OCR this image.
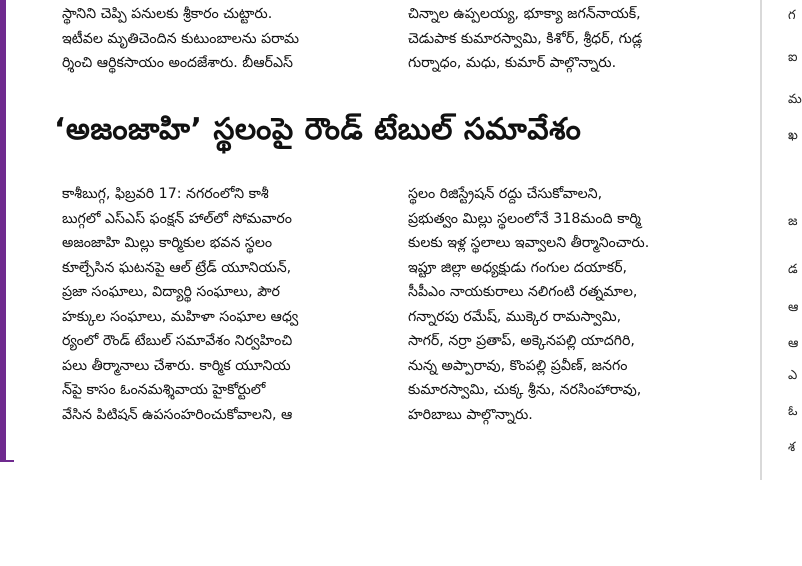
స్థానిని చెప్పి పనులకు శ్రీకారం చుట్టారు.

ఇటీవల మృతిచెందిన కుటుంబాలను పరామ

ర్శించి ఆర్థికసాయం అందజేశారు. బీఆర్‌ఎస్

చిన్నాల ఉప్పలయ్య, భూక్యా జగన్‌నాయక్,

చెడుపాక కుమారస్వామి, కిశోర్, శ్రీధర్, గుడ్ల

గుర్నాధం, మధు, కుమార్ పాల్గొన్నారు.

‘అజంజాహి’ స్థలంపై రౌండ్ టేబుల్ సమావేశం

కాశీబుగ్గ, ఫిబ్రవరి 17: నగరంలోని కాశీ

బుగ్గలో ఎస్‌ఎస్ ఫంక్షన్ హాల్‌లో సోమవారం

అజంజాహి మిల్లు కార్మికుల భవన స్థలం

కూల్చేసిన ఘటనపై ఆల్ ట్రేడ్ యూనియన్,

ప్రజా సంఘాలు, విద్యార్థి సంఘాలు, పౌర

హక్కుల సంఘాలు, మహిళా సంఘాల ఆధ్వ

ర్యంలో రౌండ్ టేబుల్ సమావేశం నిర్వహించి

పలు తీర్మానాలు చేశారు. కార్మిక యూనియ

న్‌పై కాసం ఓంనమశ్శివాయ హైకోర్టులో

వేసిన పిటిషన్ ఉపసంహరించుకోవాలని, ఆ

స్థలం రిజిస్ట్రేషన్ రద్దు చేసుకోవాలని,

ప్రభుత్వం మిల్లు స్థలంలోనే 318మంది కార్మి

కులకు ఇళ్ల స్థలాలు ఇవ్వాలని తీర్మానించారు.

ఇప్టూ జిల్లా అధ్యక్షుడు గంగుల దయాకర్,

సీపీఎం నాయకురాలు నలిగంటి రత్నమాల,

గన్నారపు రమేష్, ముక్కెర రామస్వామి,

సాగర్, నర్రా ప్రతాప్, అక్కెనపల్లి యాదగిరి,

నున్న అప్పారావు, కొంపల్లి ప్రవీణ్, జనగం

కుమారస్వామి, చుక్క శ్రీను, నరసింహారావు,

హరిబాబు పాల్గొన్నారు.

గ
ఐ
మ
ఖ
జ
డ
ఆ
ఆ
ఎ
ఓ
శ
